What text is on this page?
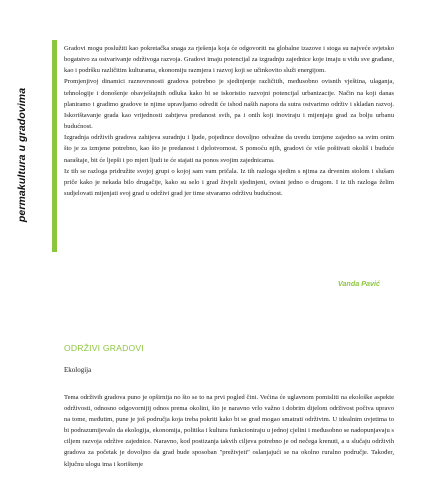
permakultura u gradovima

Gradovi mogu poslužiti kao pokretačka snaga za rješenja koja će odgovoriti na globalne izazove i stoga su najveće svjetsko bogatstvo za ostvarivanje održivoga razvoja. Gradovi imaju potencijal za izgradnju zajednice koje imaju u vidu sve građane, kao i podršku različitim kulturama, ekonomiju razmjera i razvoj koji se učinkovito služi energijom.

Promjenjivoj dinamici raznovrsnosti gradova potrebno je sjedinjenje različitih, međusobno ovisnih vještina, ulaganja, tehnologije i donošenje obavještajnih odluka kako bi se iskoristio razvojni potencijal urbanizacije. Način na koji danas planiramo i gradimo gradove te njime upravljamo odredit će ishod naših napora da sutra ostvarimo održiv i skladan razvoj. Iskorištavanje grada kao vrijednosti zahtjeva predanost svih, pa i onih koji inoviraju i mijenjaju grad za bolju urbanu budućnost.

Izgradnja održivih gradova zahtjeva suradnju i ljude, pojedince dovoljno odvažne da uvedu izmjene zajedno sa svim onim što je za izmjene potrebno, kao što je predanost i djelotvornost. S pomoću njih, gradovi će više poštivati okoliš i buduće naraštaje, bit će ljepši i po mjeri ljudi te će stajati na ponos svojim zajednicama.

Iz tih se razloga pridružite svojoj grupi o kojoj sam vam pričala. Iz tih razloga sjedim s njima za drvenim stolom i slušam priče kako je nekada bilo drugačije, kako su selo i grad živjeli sjedinjeni, ovisni jedno o drugom. I iz tih razloga želim sudjelovati mijenjati svoj grad u održivi grad jer time stvaramo održivu budućnost.

Vanda Pavić
ODRŽIVI GRADOVI
Ekologija

Tema održivih gradova puno je opširnija no što se to na prvi pogled čini. Većina će uglavnom pomisliti na ekološke aspekte održivosti, odnosno odgovornijij odnos prema okolini, što je naravno vrlo važno i dobrim dijelom održivost počiva upravo na tome, međutim, pune je još područja koja treba pokriti kako bi se grad mogao smatrati održivim. U idealnim uvjetima to bi podrazumijevalo da ekologija, ekonomija, politika i kultura funkcioniraju u jednoj cjelini i međusobno se nadopunjavaju s ciljem razvoja održive zajednice. Naravno, kod postizanja takvih ciljeva potrebno je od nečega krenuti, a u slučaju održivih gradova za početak je dovoljno da grad bude sposoban "preživjeti" oslanjajući se na okolno ruralno područje. Također, ključnu ulogu ima i korištenje
